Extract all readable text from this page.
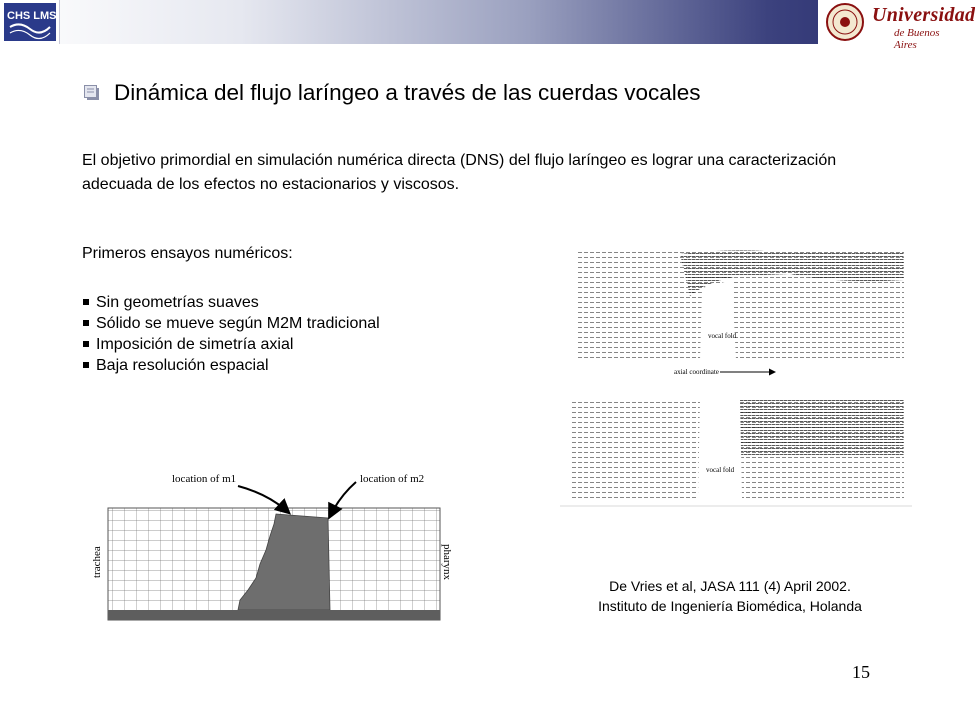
CHS LMS	Universidad
de Buenos Aires
Dinámica del flujo laríngeo a través de las cuerdas vocales
El objetivo primordial en simulación numérica directa (DNS) del flujo laríngeo es lograr una caracterización adecuada de los efectos no estacionarios y viscosos.
Primeros ensayos numéricos:
Sin geometrías suaves
Sólido se mueve según M2M tradicional
Imposición de simetría axial
Baja resolución espacial
location of m1	location of m2
trachea	pharynx
vocal fold
axial coordinate
vocal fold
De Vries et al, JASA 111 (4) April 2002.
Instituto de Ingeniería Biomédica, Holanda
15
